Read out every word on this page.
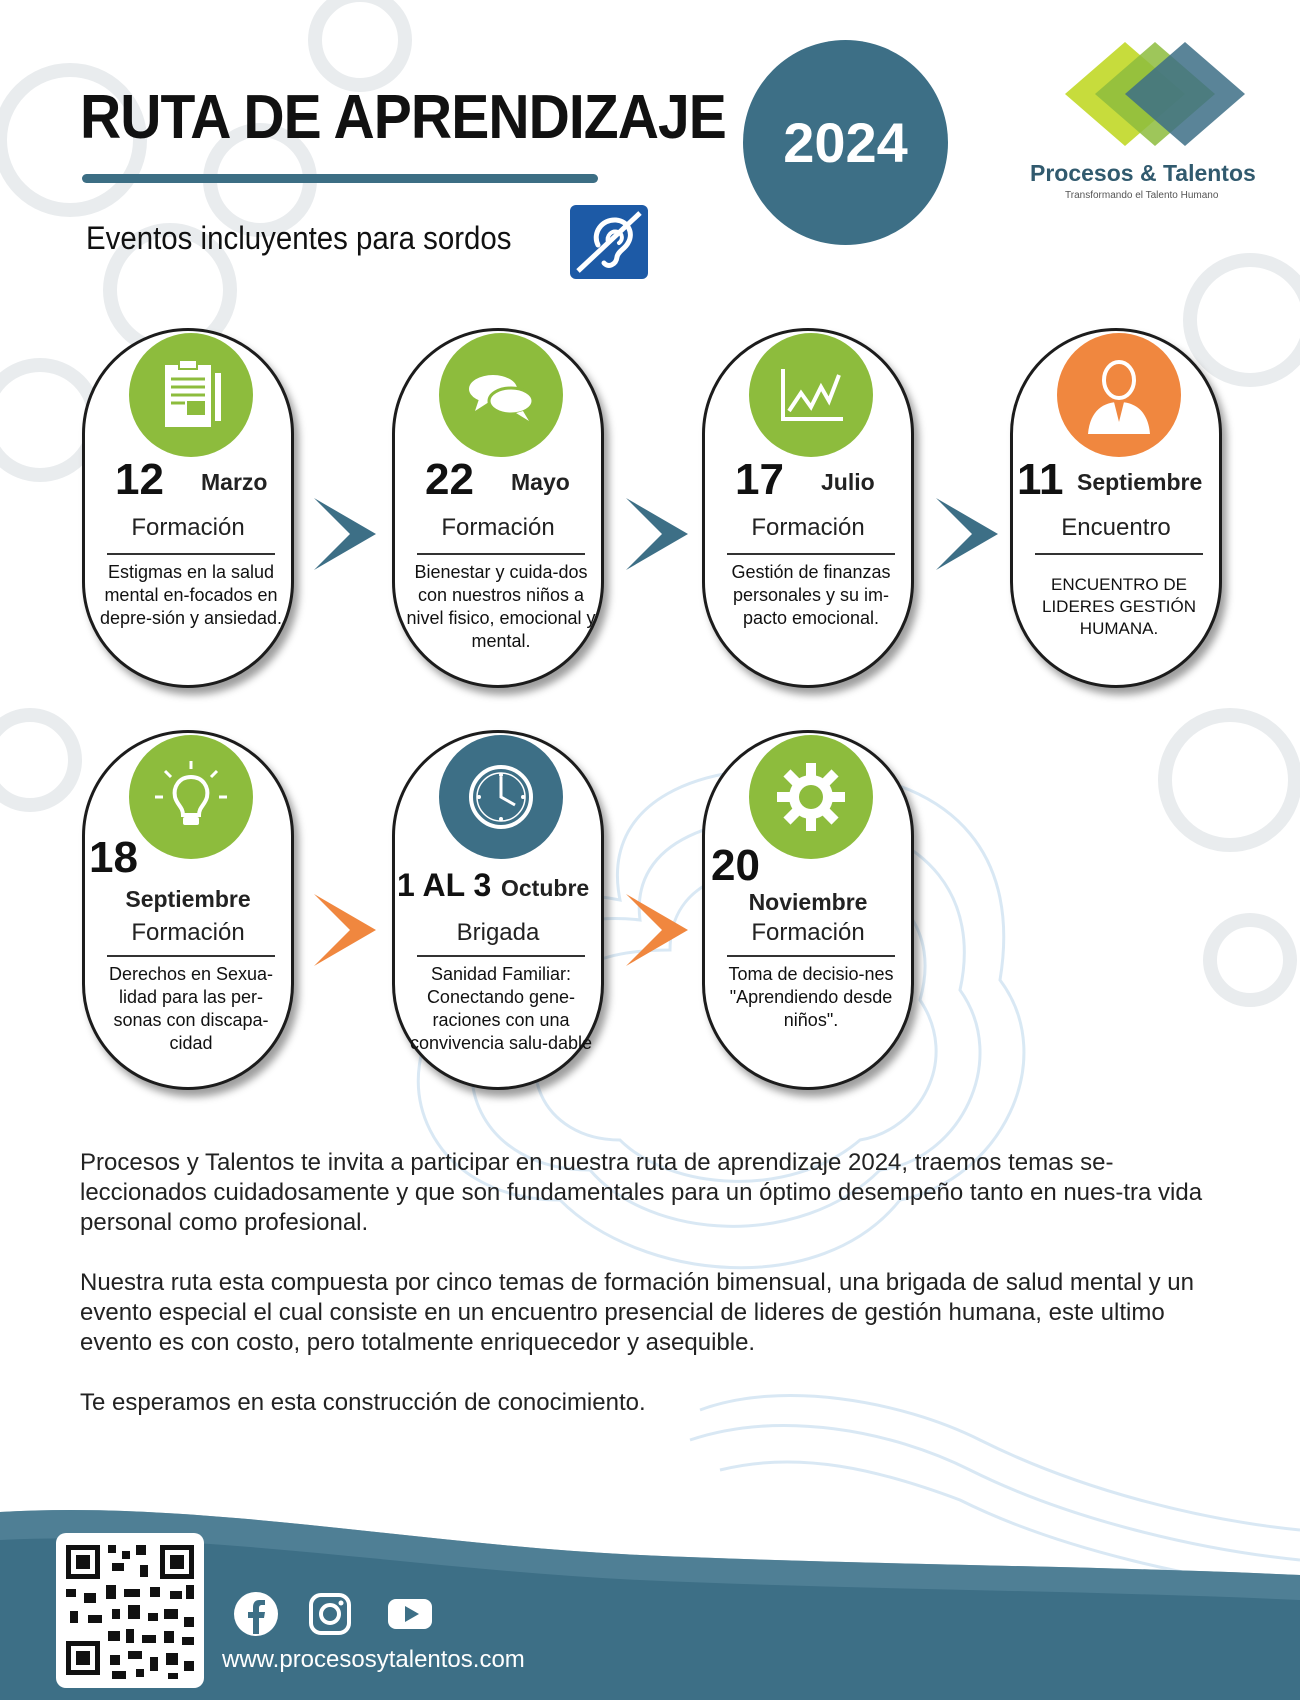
RUTA DE APRENDIZAJE
Eventos incluyentes para sordos
2024	Procesos & Talentos
Transformando el Talento Humano
12 Marzo
Formación
Estigmas en la salud mental en-focados en depre-sión y ansiedad.
22 Mayo
Formación
Bienestar y cuida-dos con nuestros niños a nivel fisico, emocional y mental.
17 Julio
Formación
Gestión de finanzas personales y su im-pacto emocional.
11 Septiembre
Encuentro
ENCUENTRO DE LIDERES GESTIÓN HUMANA.
18
Septiembre
Formación
Derechos en Sexua-lidad para las per-sonas con discapa-cidad
1 AL 3 Octubre
Brigada
Sanidad Familiar: Conectando gene-raciones con una convivencia salu-dable
20
Noviembre
Formación
Toma de decisio-nes "Aprendiendo desde niños".
Procesos y Talentos te invita a participar en nuestra ruta de aprendizaje 2024, traemos temas se-leccionados cuidadosamente y que son fundamentales para un óptimo desempeño tanto en nues-tra vida personal como profesional.
Nuestra ruta esta compuesta por cinco temas de formación bimensual, una brigada de salud mental y un evento especial el cual consiste en un encuentro presencial de lideres de gestión humana, este ultimo evento es con costo, pero totalmente enriquecedor y asequible.
Te esperamos en esta construcción de conocimiento.
www.procesosytalentos.com
